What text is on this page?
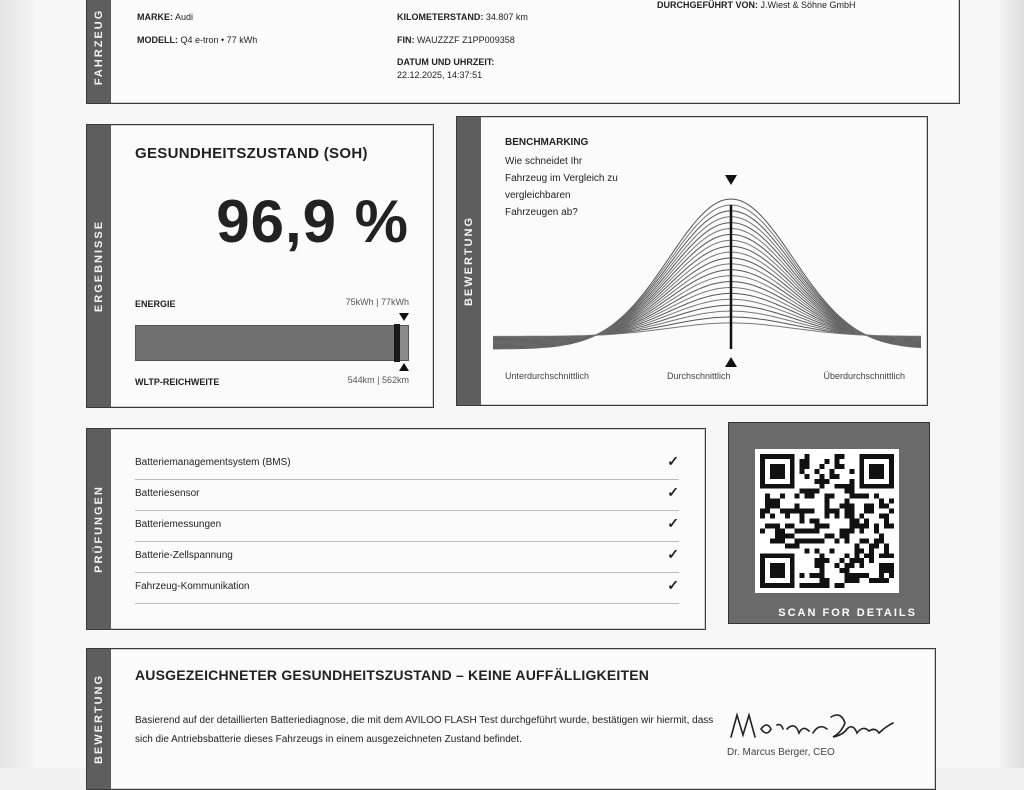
FAHRZEUG	MARKE: Audi
MODELL: Q4 e-tron • 77 kWh
KILOMETERSTAND: 34.807 km
FIN: WAUZZZF Z1PP009358
DATUM UND UHRZEIT:
22.12.2025, 14:37:51
DURCHGEFÜHRT VON: J.Wiest & Söhne GmbH
ERGEBNISSE
GESUNDHEITSZUSTAND (SOH)
96,9 %
ENERGIE	75kWh | 77kWh
WLTP-REICHWEITE	544km | 562km
BEWERTUNG
BENCHMARKING
Wie schneidet Ihr
Fahrzeug im Vergleich zu
vergleichbaren
Fahrzeugen ab?
Unterdurchschnittlich	Durchschnittlich	Überdurchschnittlich
PRÜFUNGEN
Batteriemanagementsystem (BMS)	✓
Batteriesensor	✓
Batteriemessungen	✓
Batterie-Zellspannung	✓
Fahrzeug-Kommunikation	✓
SCAN FOR DETAILS
BEWERTUNG AUSGEZEICHNETER GESUNDHEITSZUSTAND – KEINE AUFFÄLLIGKEITEN
Basierend auf der detaillierten Batteriediagnose, die mit dem AVILOO FLASH Test durchgeführt wurde, bestätigen wir hiermit, dass sich die Antriebsbatterie dieses Fahrzeugs in einem ausgezeichneten Zustand befindet.
Dr. Marcus Berger, CEO
